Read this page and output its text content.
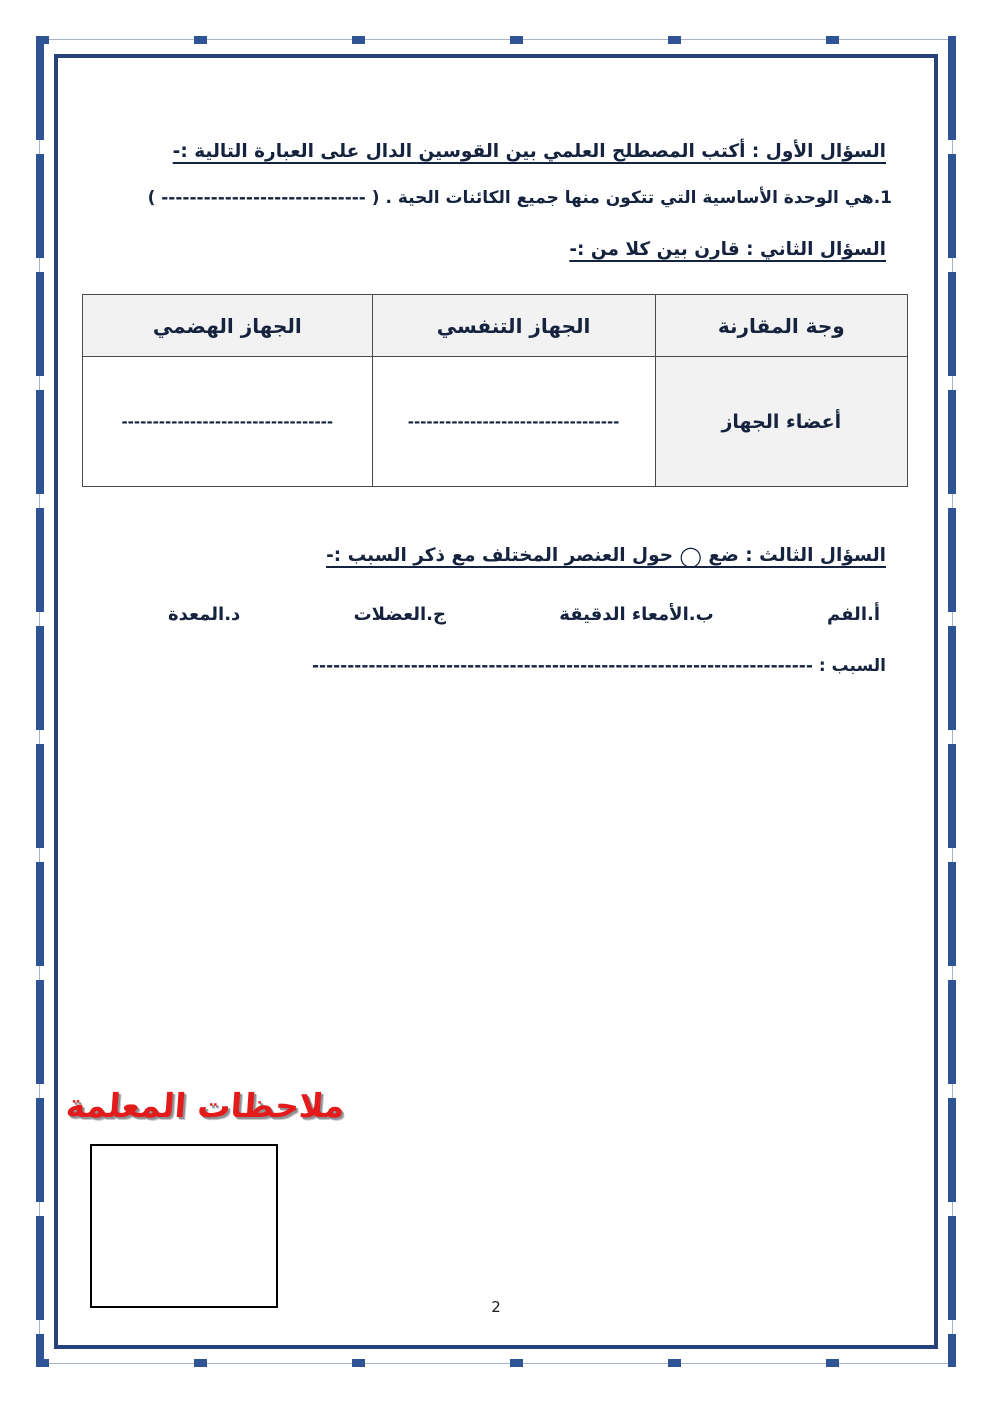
السؤال الأول : أكتب المصطلح العلمي بين القوسين الدال على العبارة التالية :-
1.هي الوحدة الأساسية التي تتكون منها جميع الكائنات الحية . ( ----------------------------- )
السؤال الثاني : قارن بين كلا من :-
وجة المقارنة	الجهاز التنفسي	الجهاز الهضمي
أعضاء الجهاز	----------------------------------	----------------------------------
السؤال الثالث : ضع ◯ حول العنصر المختلف مع ذكر السبب :-
أ.الفم
ب.الأمعاء الدقيقة
ج.العضلات
د.المعدة
السبب : -----------------------------------------------------------------------
ملاحظات المعلمة
2
